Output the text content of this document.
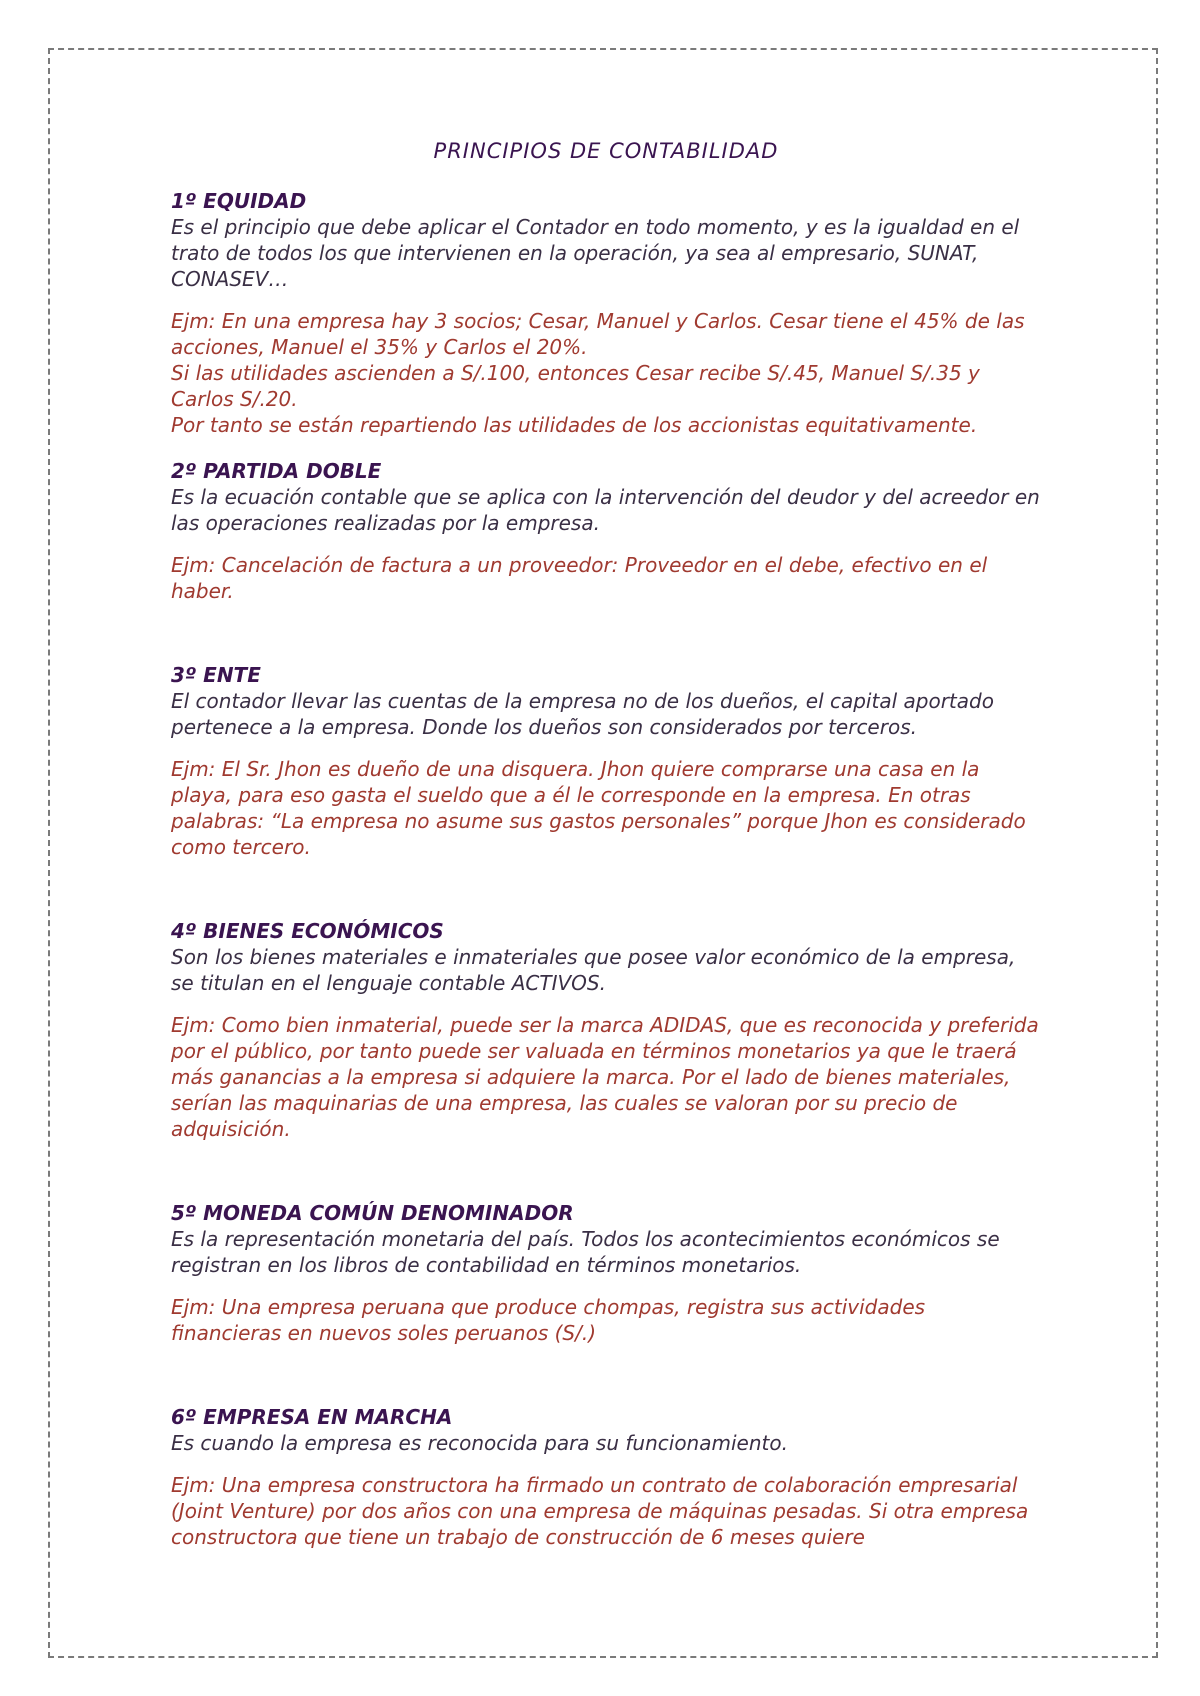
PRINCIPIOS DE CONTABILIDAD
1º EQUIDAD

Es el principio que debe aplicar el Contador en todo momento, y es la igualdad en el trato de todos los que intervienen en la operación, ya sea al empresario, SUNAT, CONASEV…

Ejm: En una empresa hay 3 socios; Cesar, Manuel y Carlos. Cesar tiene el 45% de las acciones, Manuel el 35% y Carlos el 20%.

Si las utilidades ascienden a S/.100, entonces Cesar recibe S/.45, Manuel S/.35 y Carlos S/.20.

Por tanto se están repartiendo las utilidades de los accionistas equitativamente.

2º PARTIDA DOBLE

Es la ecuación contable que se aplica con la intervención del deudor y del acreedor en las operaciones realizadas por la empresa.

Ejm: Cancelación de factura a un proveedor: Proveedor en el debe, efectivo en el haber.

3º ENTE

El contador llevar las cuentas de la empresa no de los dueños, el capital aportado pertenece a la empresa. Donde los dueños son considerados por terceros.

Ejm: El Sr. Jhon es dueño de una disquera. Jhon quiere comprarse una casa en la playa, para eso gasta el sueldo que a él le corresponde en la empresa. En otras palabras: “La empresa no asume sus gastos personales” porque Jhon es considerado como tercero.

4º BIENES ECONÓMICOS

Son los bienes materiales e inmateriales que posee valor económico de la empresa, se titulan en el lenguaje contable ACTIVOS.

Ejm: Como bien inmaterial, puede ser la marca ADIDAS, que es reconocida y preferida por el público, por tanto puede ser valuada en términos monetarios ya que le traerá más ganancias a la empresa si adquiere la marca. Por el lado de bienes materiales, serían las maquinarias de una empresa, las cuales se valoran por su precio de adquisición.

5º MONEDA COMÚN DENOMINADOR

Es la representación monetaria del país. Todos los acontecimientos económicos se registran en los libros de contabilidad en términos monetarios.

Ejm: Una empresa peruana que produce chompas, registra sus actividades financieras en nuevos soles peruanos (S/.)

6º EMPRESA EN MARCHA

Es cuando la empresa es reconocida para su funcionamiento.

Ejm: Una empresa constructora ha firmado un contrato de colaboración empresarial (Joint Venture) por dos años con una empresa de máquinas pesadas. Si otra empresa constructora que tiene un trabajo de construcción de 6 meses quiere
